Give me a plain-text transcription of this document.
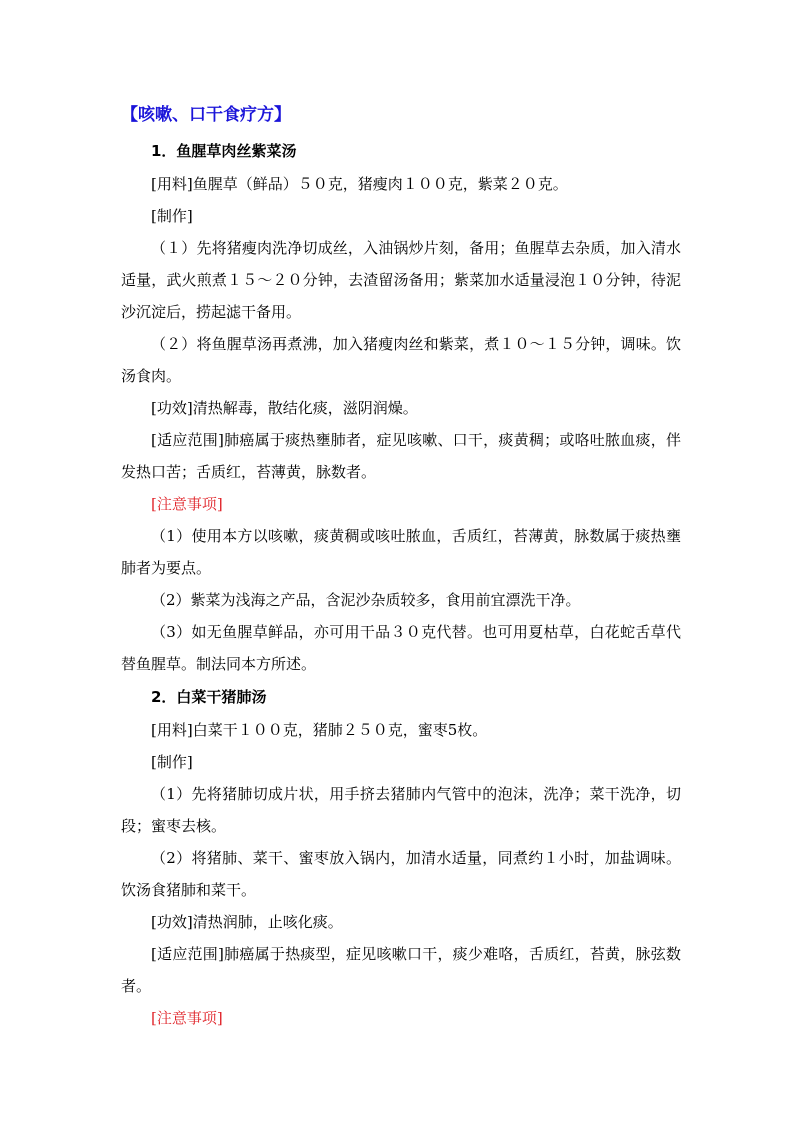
【咳嗽、口干食疗方】
1．鱼腥草肉丝紫菜汤

[用料]鱼腥草（鲜品）５０克，猪瘦肉１００克，紫菜２０克。

[制作]

（１）先将猪瘦肉洗净切成丝，入油锅炒片刻，备用；鱼腥草去杂质，加入清水适量，武火煎煮１５～２０分钟，去渣留汤备用；紫菜加水适量浸泡１０分钟，待泥沙沉淀后，捞起滤干备用。

（２）将鱼腥草汤再煮沸，加入猪瘦肉丝和紫菜，煮１０～１５分钟，调味。饮汤食肉。

[功效]清热解毒，散结化痰，滋阴润燥。

[适应范围]肺癌属于痰热壅肺者，症见咳嗽、口干，痰黄稠；或咯吐脓血痰，伴发热口苦；舌质红，苔薄黄，脉数者。

[注意事项]

（1）使用本方以咳嗽，痰黄稠或咳吐脓血，舌质红，苔薄黄，脉数属于痰热壅肺者为要点。

（2）紫菜为浅海之产品，含泥沙杂质较多，食用前宜漂洗干净。

（3）如无鱼腥草鲜品，亦可用干品３０克代替。也可用夏枯草，白花蛇舌草代替鱼腥草。制法同本方所述。

2．白菜干猪肺汤

[用料]白菜干１００克，猪肺２５０克，蜜枣5枚。

[制作]

（1）先将猪肺切成片状，用手挤去猪肺内气管中的泡沫，洗净；菜干洗净，切段；蜜枣去核。

（2）将猪肺、菜干、蜜枣放入锅内，加清水适量，同煮约１小时，加盐调味。饮汤食猪肺和菜干。

[功效]清热润肺，止咳化痰。

[适应范围]肺癌属于热痰型，症见咳嗽口干，痰少难咯，舌质红，苔黄，脉弦数者。

[注意事项]
